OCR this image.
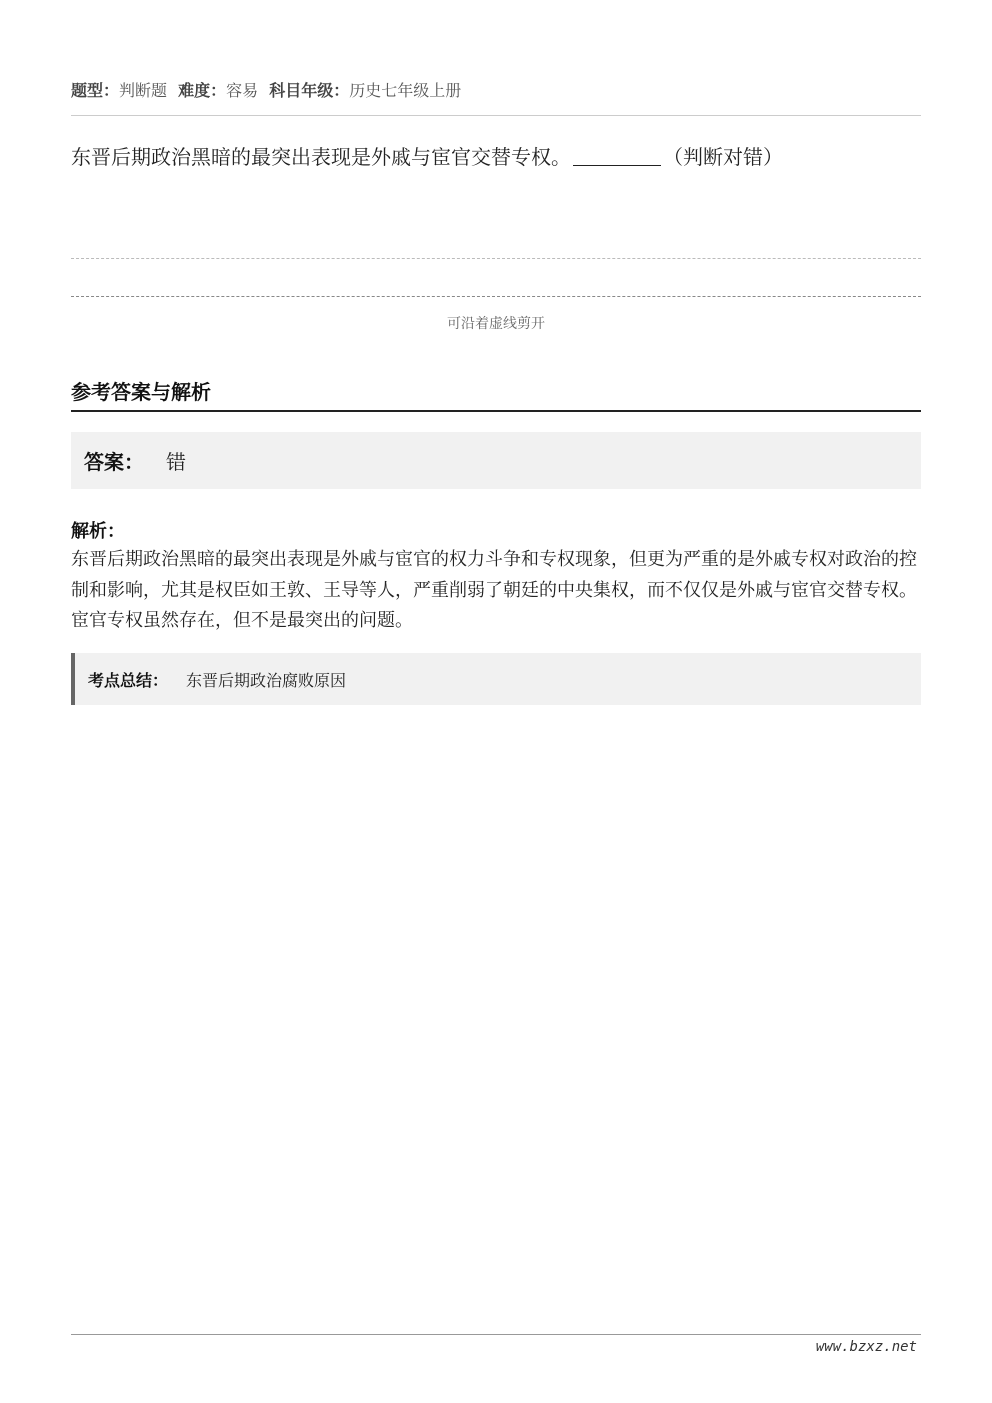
题型：判断题 难度：容易 科目年级：历史七年级上册
东晋后期政治黑暗的最突出表现是外戚与宦官交替专权。	（判断对错）
可沿着虚线剪开
参考答案与解析
答案： 错
解析：
东晋后期政治黑暗的最突出表现是外戚与宦官的权力斗争和专权现象，但更为严重的是外戚专权对政治的控制和影响，尤其是权臣如王敦、王导等人，严重削弱了朝廷的中央集权，而不仅仅是外戚与宦官交替专权。宦官专权虽然存在，但不是最突出的问题。
考点总结： 东晋后期政治腐败原因
www.bzxz.net
